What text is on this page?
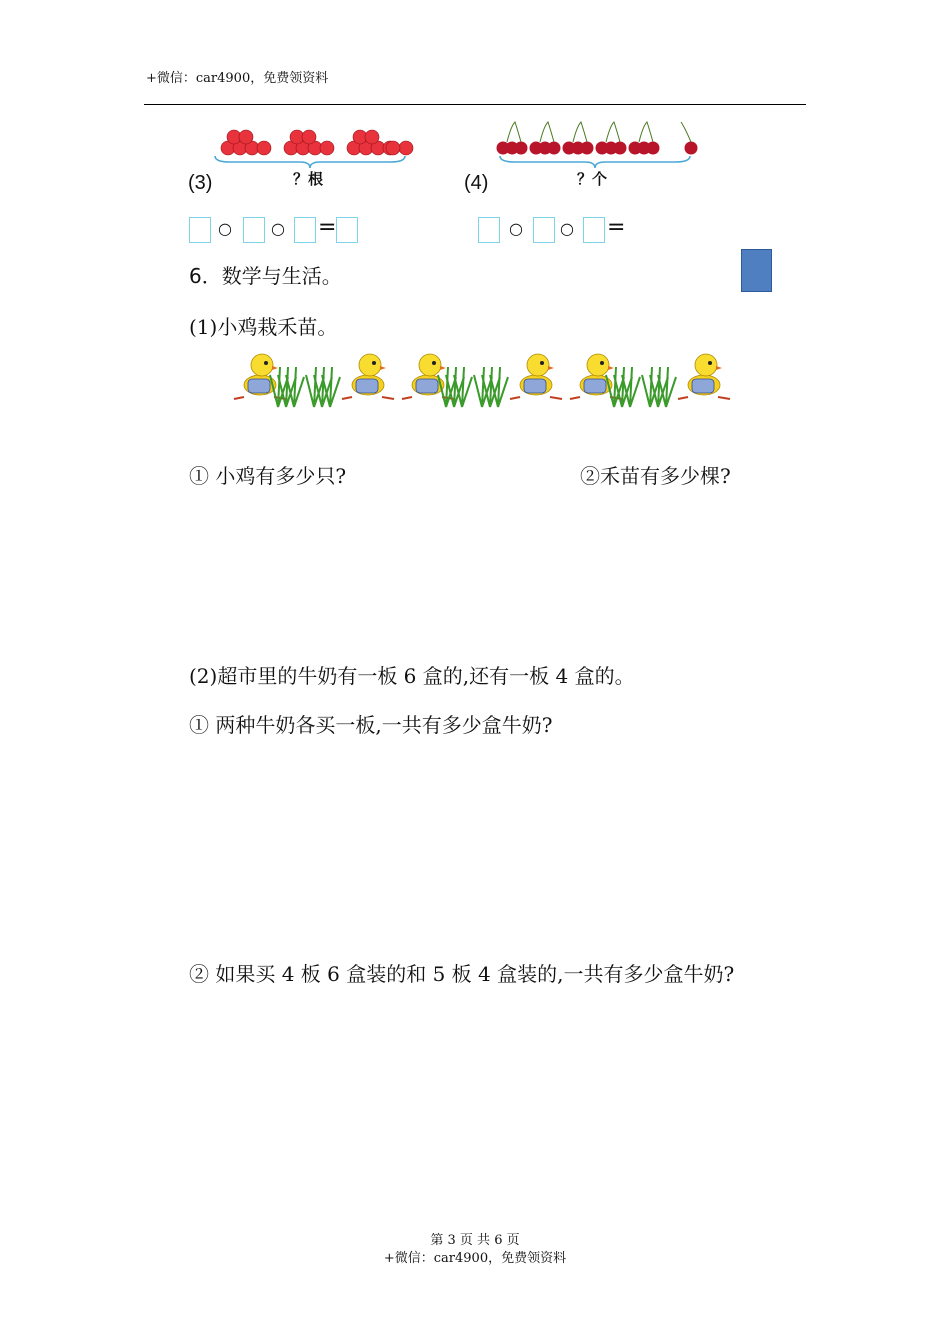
+微信：car4900，免费领资料
(3)	？根	(4)	？个
○ ○ =	○ ○ =
6．数学与生活。
(1)小鸡栽禾苗。
① 小鸡有多少只?	②禾苗有多少棵?
(2)超市里的牛奶有一板 6 盒的,还有一板 4 盒的。
① 两种牛奶各买一板,一共有多少盒牛奶?
② 如果买 4 板 6 盒装的和 5 板 4 盒装的,一共有多少盒牛奶?
第 3 页 共 6 页
+微信：car4900，免费领资料
